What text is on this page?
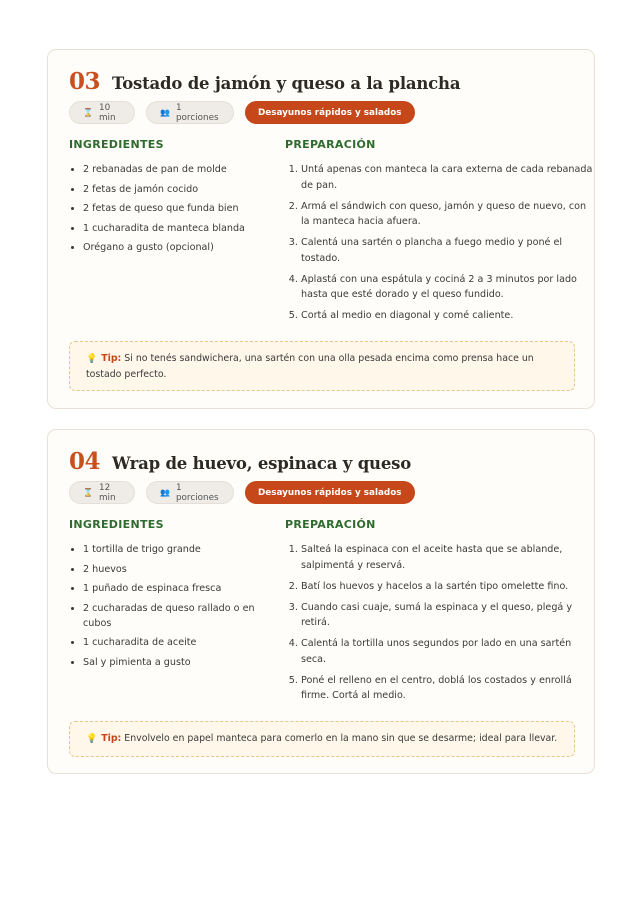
03 Tostado de jamón y queso a la plancha
⌛ 10 min	👥 1 porciones	Desayunos rápidos y salados
INGREDIENTES	PREPARACIÓN
• 2 rebanadas de pan de molde
• 2 fetas de jamón cocido
• 2 fetas de queso que funda bien
• 1 cucharadita de manteca blanda
• Orégano a gusto (opcional)
1. Untá apenas con manteca la cara externa de cada rebanada de pan.
2. Armá el sándwich con queso, jamón y queso de nuevo, con la manteca hacia afuera.
3. Calentá una sartén o plancha a fuego medio y poné el tostado.
4. Aplastá con una espátula y cociná 2 a 3 minutos por lado hasta que esté dorado y el queso fundido.
5. Cortá al medio en diagonal y comé caliente.
💡 Tip: Si no tenés sandwichera, una sartén con una olla pesada encima como prensa hace un tostado perfecto.
04 Wrap de huevo, espinaca y queso
⌛ 12 min	👥 1 porciones	Desayunos rápidos y salados
INGREDIENTES	PREPARACIÓN
• 1 tortilla de trigo grande
• 2 huevos
• 1 puñado de espinaca fresca
• 2 cucharadas de queso rallado o en cubos
• 1 cucharadita de aceite
• Sal y pimienta a gusto
1. Salteá la espinaca con el aceite hasta que se ablande, salpimentá y reservá.
2. Batí los huevos y hacelos a la sartén tipo omelette fino.
3. Cuando casi cuaje, sumá la espinaca y el queso, plegá y retirá.
4. Calentá la tortilla unos segundos por lado en una sartén seca.
5. Poné el relleno en el centro, doblá los costados y enrollá firme. Cortá al medio.
💡 Tip: Envolvelo en papel manteca para comerlo en la mano sin que se desarme; ideal para llevar.
